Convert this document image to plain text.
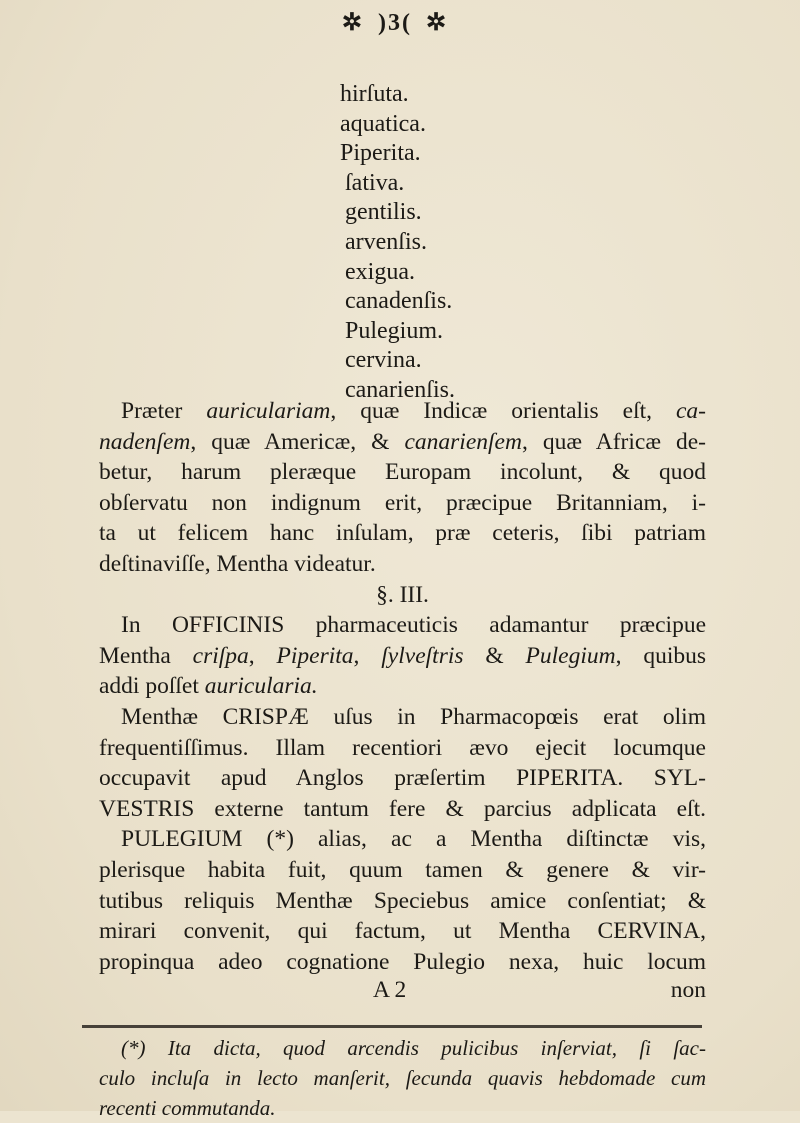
✲ )3( ✲
hirſuta.
aquatica.
Piperita.
ſativa.
gentilis.
arvenſis.
exigua.
canadenſis.
Pulegium.
cervina.
canarienſis.
Præter auriculariam, quæ Indicæ orientalis eſt, ca-
nadenſem, quæ Americæ, & canarienſem, quæ Africæ de-
betur, harum pleræque Europam incolunt, & quod
obſervatu non indignum erit, præcipue Britanniam, i-
ta ut felicem hanc inſulam, præ ceteris, ſibi patriam
deſtinaviſſe, Mentha videatur.
§. III.
In OFFICINIS pharmaceuticis adamantur præcipue
Mentha criſpa, Piperita, ſylveſtris & Pulegium, quibus
addi poſſet auricularia.
Menthæ CRISPÆ uſus in Pharmacopœis erat olim
frequentiſſimus. Illam recentiori ævo ejecit locumque
occupavit apud Anglos præſertim PIPERITA. SYL-
VESTRIS externe tantum fere & parcius adplicata eſt.
PULEGIUM (*) alias, ac a Mentha diſtinctæ vis,
plerisque habita fuit, quum tamen & genere & vir-
tutibus reliquis Menthæ Speciebus amice conſentiat; &
mirari convenit, qui factum, ut Mentha CERVINA,
propinqua adeo cognatione Pulegio nexa, huic locum
A 2	non
(*) Ita dicta, quod arcendis pulicibus inſerviat, ſi ſac-
culo incluſa in lecto manſerit, ſecunda quavis hebdomade cum
recenti commutanda.
